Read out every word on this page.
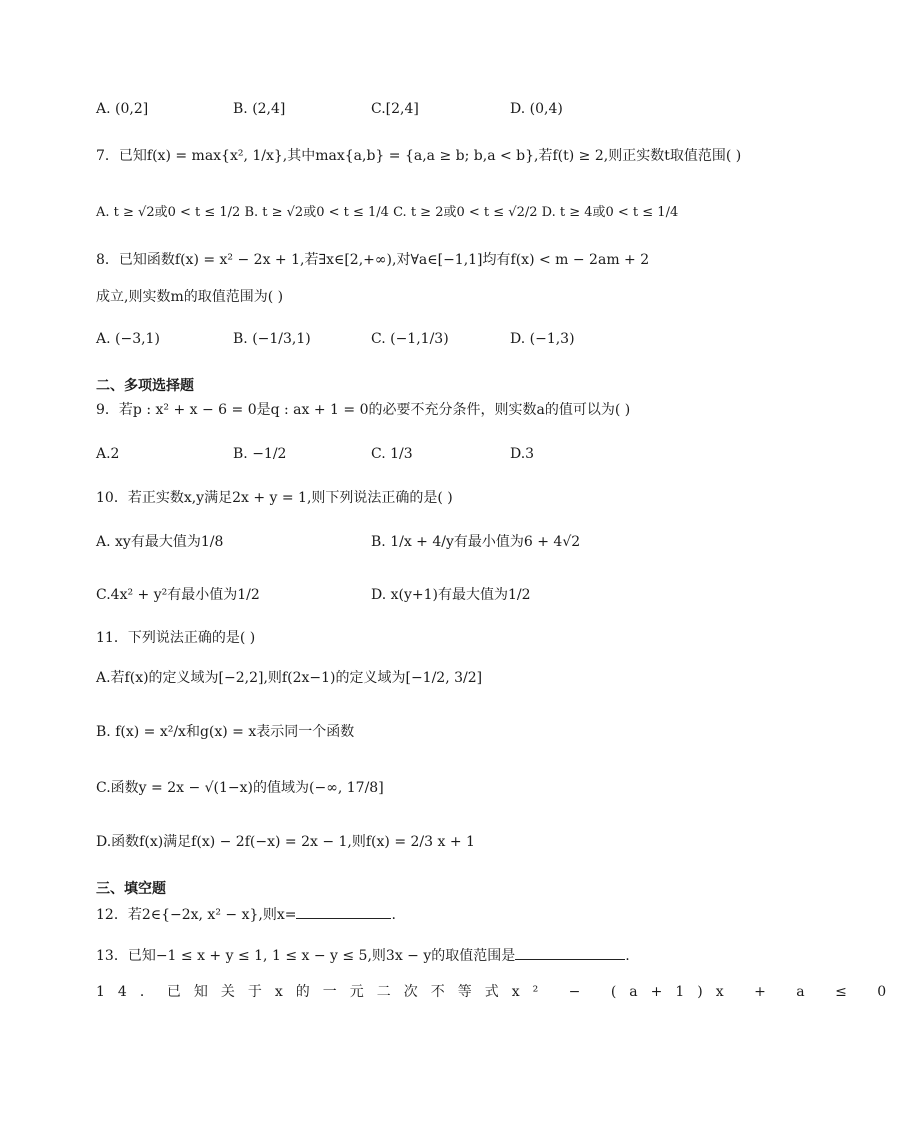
A. (0,2]	B. (2,4]	C.[2,4]	D. (0,4)
7．已知f(x) = max{x², 1/x},其中max{a,b} = {a,a ≥ b; b,a < b},若f(t) ≥ 2,则正实数t取值范围( )
A. t ≥ √2或0 < t ≤ 1/2 B. t ≥ √2或0 < t ≤ 1/4 C. t ≥ 2或0 < t ≤ √2/2 D. t ≥ 4或0 < t ≤ 1/4
8．已知函数f(x) = x² − 2x + 1,若∃x∈[2,+∞),对∀a∈[−1,1]均有f(x) < m − 2am + 2
成立,则实数m的取值范围为( )
A. (−3,1)	B. (−1/3,1)	C. (−1,1/3)	D. (−1,3)
二、多项选择题
9．若p : x² + x − 6 = 0是q : ax + 1 = 0的必要不充分条件，则实数a的值可以为( )
A.2	B. −1/2	C. 1/3	D.3
10．若正实数x,y满足2x + y = 1,则下列说法正确的是( )
A. xy有最大值为1/8	B. 1/x + 4/y有最小值为6 + 4√2
C.4x² + y²有最小值为1/2	D. x(y+1)有最大值为1/2
11．下列说法正确的是( )
A.若f(x)的定义域为[−2,2],则f(2x−1)的定义域为[−1/2, 3/2]
B. f(x) = x²/x和g(x) = x表示同一个函数
C.函数y = 2x − √(1−x)的值域为(−∞, 17/8]
D.函数f(x)满足f(x) − 2f(−x) = 2x − 1,则f(x) = 2/3 x + 1
三、填空题
12．若2∈{−2x, x² − x},则x=	.
13．已知−1 ≤ x + y ≤ 1, 1 ≤ x − y ≤ 5,则3x − y的取值范围是	.
14．已知关于x的一元二次不等式x² − (a+1)x + a ≤ 0
